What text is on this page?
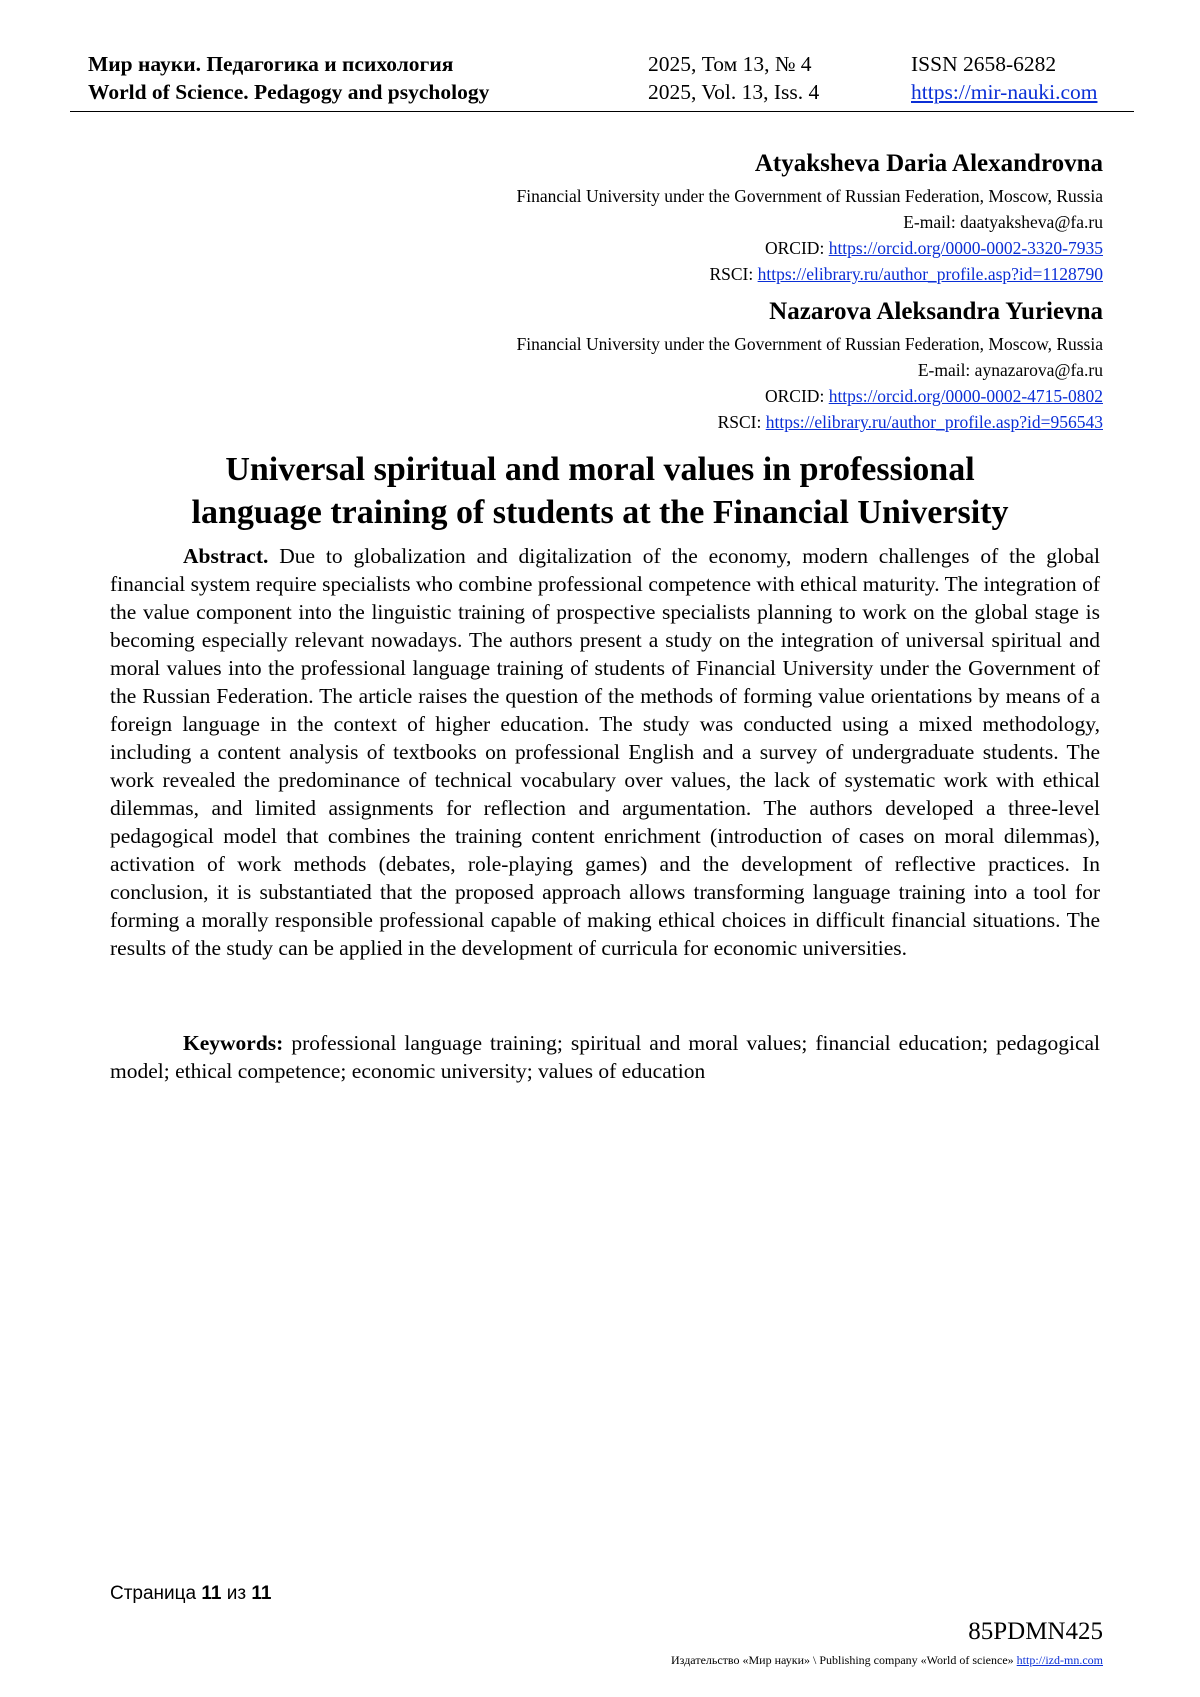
Мир науки. Педагогика и психология
World of Science. Pedagogy and psychology
2025, Том 13, № 4
2025, Vol. 13, Iss. 4
ISSN 2658-6282
https://mir-nauki.com
Atyaksheva Daria Alexandrovna
Financial University under the Government of Russian Federation, Moscow, Russia
E-mail: daatyaksheva@fa.ru
ORCID: https://orcid.org/0000-0002-3320-7935
RSCI: https://elibrary.ru/author_profile.asp?id=1128790
Nazarova Aleksandra Yurievna
Financial University under the Government of Russian Federation, Moscow, Russia
E-mail: aynazarova@fa.ru
ORCID: https://orcid.org/0000-0002-4715-0802
RSCI: https://elibrary.ru/author_profile.asp?id=956543
Universal spiritual and moral values in professional
language training of students at the Financial University
Abstract. Due to globalization and digitalization of the economy, modern challenges of the global financial system require specialists who combine professional competence with ethical maturity. The integration of the value component into the linguistic training of prospective specialists planning to work on the global stage is becoming especially relevant nowadays. The authors present a study on the integration of universal spiritual and moral values into the professional language training of students of Financial University under the Government of the Russian Federation. The article raises the question of the methods of forming value orientations by means of a foreign language in the context of higher education. The study was conducted using a mixed methodology, including a content analysis of textbooks on professional English and a survey of undergraduate students. The work revealed the predominance of technical vocabulary over values, the lack of systematic work with ethical dilemmas, and limited assignments for reflection and argumentation. The authors developed a three-level pedagogical model that combines the training content enrichment (introduction of cases on moral dilemmas), activation of work methods (debates, role-playing games) and the development of reflective practices. In conclusion, it is substantiated that the proposed approach allows transforming language training into a tool for forming a morally responsible professional capable of making ethical choices in difficult financial situations. The results of the study can be applied in the development of curricula for economic universities.
Keywords: professional language training; spiritual and moral values; financial education; pedagogical model; ethical competence; economic university; values of education
Страница 11 из 11
85PDMN425
Издательство «Мир науки» \ Publishing company «World of science» http://izd-mn.com
